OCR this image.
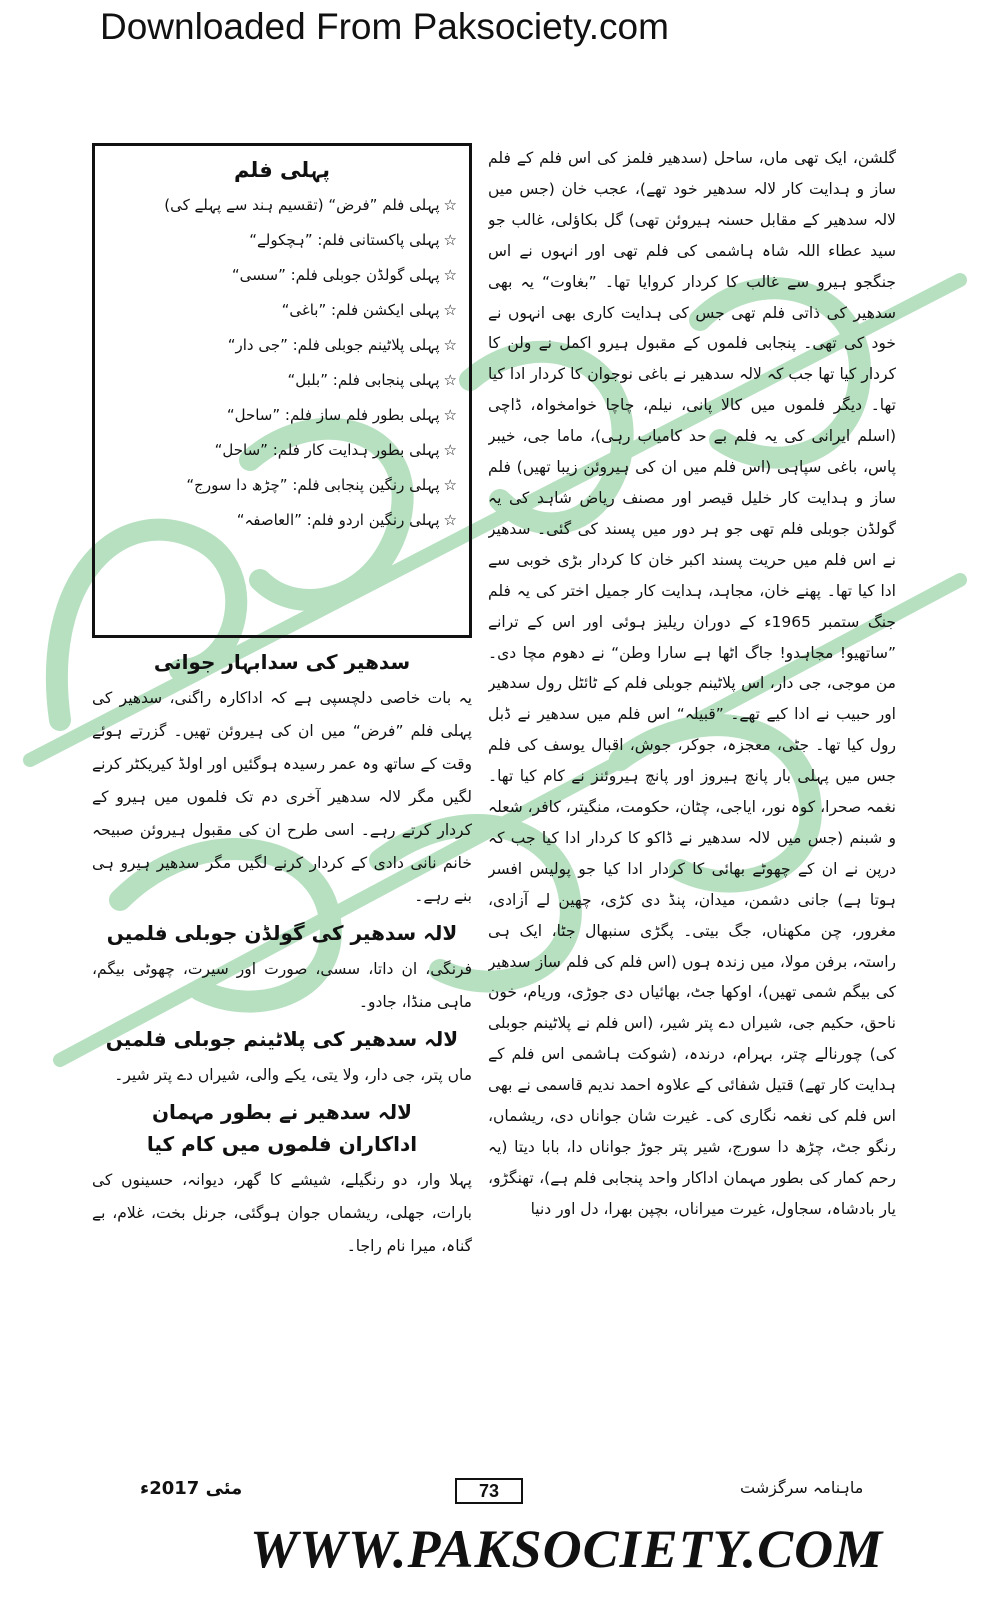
Downloaded From Paksociety.com
پہلی فلم
☆پہلی فلم ”فرض“ (تقسیم ہند سے پہلے کی)
☆پہلی پاکستانی فلم: ”ہچکولے“
☆پہلی گولڈن جوبلی فلم: ”سسی“
☆پہلی ایکشن فلم: ”باغی“
☆پہلی پلاٹینم جوبلی فلم: ”جی دار“
☆پہلی پنجابی فلم: ”بلبل“
☆پہلی بطور فلم ساز فلم: ”ساحل“
☆پہلی بطور ہدایت کار فلم: ”ساحل“
☆پہلی رنگین پنجابی فلم: ”چڑھ دا سورج“
☆پہلی رنگین اردو فلم: ”العاصفہ“
سدھیر کی سدابہار جوانی

یہ بات خاصی دلچسپی ہے کہ اداکارہ راگنی، سدھیر کی پہلی فلم ”فرض“ میں ان کی ہیروئن تھیں۔ گزرتے ہوئے وقت کے ساتھ وہ عمر رسیدہ ہوگئیں اور اولڈ کیریکٹر کرنے لگیں مگر لالہ سدھیر آخری دم تک فلموں میں ہیرو کے کردار کرتے رہے۔ اسی طرح ان کی مقبول ہیروئن صبیحہ خانم نانی دادی کے کردار کرنے لگیں مگر سدھیر ہیرو ہی بنے رہے۔

لالہ سدھیر کی گولڈن جوبلی فلمیں

فرنگی، ان داتا، سسی، صورت اور سیرت، چھوٹی بیگم، ماہی منڈا، جادو۔

لالہ سدھیر کی پلاٹینم جوبلی فلمیں

ماں پتر، جی دار، ولا یتی، یکے والی، شیراں دے پتر شیر۔

لالہ سدھیر نے بطور مہمان
اداکاران فلموں میں کام کیا

پہلا وار، دو رنگیلے، شیشے کا گھر، دیوانہ، حسینوں کی بارات، جھلی، ریشماں جوان ہوگئی، جرنل بخت، غلام، بے گناہ، میرا نام راجا۔

گلشن، ایک تھی ماں، ساحل (سدھیر فلمز کی اس فلم کے فلم ساز و ہدایت کار لالہ سدھیر خود تھے)، عجب خان (جس میں لالہ سدھیر کے مقابل حسنہ ہیروئن تھی) گل بکاؤلی، غالب جو سید عطاء اللہ شاہ ہاشمی کی فلم تھی اور انہوں نے اس جنگجو ہیرو سے غالب کا کردار کروایا تھا۔ ”بغاوت“ یہ بھی سدھیر کی ذاتی فلم تھی جس کی ہدایت کاری بھی انہوں نے خود کی تھی۔ پنجابی فلموں کے مقبول ہیرو اکمل نے ولن کا کردار کیا تھا جب کہ لالہ سدھیر نے باغی نوجوان کا کردار ادا کیا تھا۔ دیگر فلموں میں کالا پانی، نیلم، چاچا خوامخواہ، ڈاچی (اسلم ایرانی کی یہ فلم بے حد کامیاب رہی)، ماما جی، خیبر پاس، باغی سپاہی (اس فلم میں ان کی ہیروئن زیبا تھیں) فلم ساز و ہدایت کار خلیل قیصر اور مصنف ریاض شاہد کی یہ گولڈن جوبلی فلم تھی جو ہر دور میں پسند کی گئی۔ سدھیر نے اس فلم میں حریت پسند اکبر خان کا کردار بڑی خوبی سے ادا کیا تھا۔ پھنے خان، مجاہد، ہدایت کار جمیل اختر کی یہ فلم جنگ ستمبر 1965ء کے دوران ریلیز ہوئی اور اس کے ترانے ”ساتھیو! مجاہدو! جاگ اٹھا ہے سارا وطن“ نے دھوم مچا دی۔ من موجی، جی دار، اس پلاٹینم جوبلی فلم کے ٹائٹل رول سدھیر اور حبیب نے ادا کیے تھے۔ ”قبیلہ“ اس فلم میں سدھیر نے ڈبل رول کیا تھا۔ جٹی، معجزہ، جوکر، جوش، اقبال یوسف کی فلم جس میں پہلی بار پانچ ہیروز اور پانچ ہیروئنز نے کام کیا تھا۔ نغمہ صحرا، کوہ نور، ایاجی، چٹان، حکومت، منگیتر، کافر، شعلہ و شبنم (جس میں لالہ سدھیر نے ڈاکو کا کردار ادا کیا جب کہ درپن نے ان کے چھوٹے بھائی کا کردار ادا کیا جو پولیس افسر ہوتا ہے) جانی دشمن، میدان، پنڈ دی کڑی، چھین لے آزادی، مغرور، چن مکھناں، جگ بیتی۔ پگڑی سنبھال جٹا، ایک ہی راستہ، برفن مولا، میں زندہ ہوں (اس فلم کی فلم ساز سدھیر کی بیگم شمی تھیں)، اوکھا جٹ، بھائیاں دی جوڑی، وریام، خون ناحق، حکیم جی، شیراں دے پتر شیر، (اس فلم نے پلاٹینم جوبلی کی) چورنالے چتر، بہرام، درندہ، (شوکت ہاشمی اس فلم کے ہدایت کار تھے) قتیل شفائی کے علاوہ احمد ندیم قاسمی نے بھی اس فلم کی نغمہ نگاری کی۔ غیرت شان جواناں دی، ریشماں، رنگو جٹ، چڑھ دا سورج، شیر پتر جوڑ جواناں دا، بابا دیتا (یہ رحم کمار کی بطور مہمان اداکار واحد پنجابی فلم ہے)، تھنگڑو، یار بادشاہ، سجاول، غیرت میراناں، بچپن بھرا، دل اور دنیا

مئی 2017ء	73	ماہنامہ سرگزشت
WWW.PAKSOCIETY.COM
